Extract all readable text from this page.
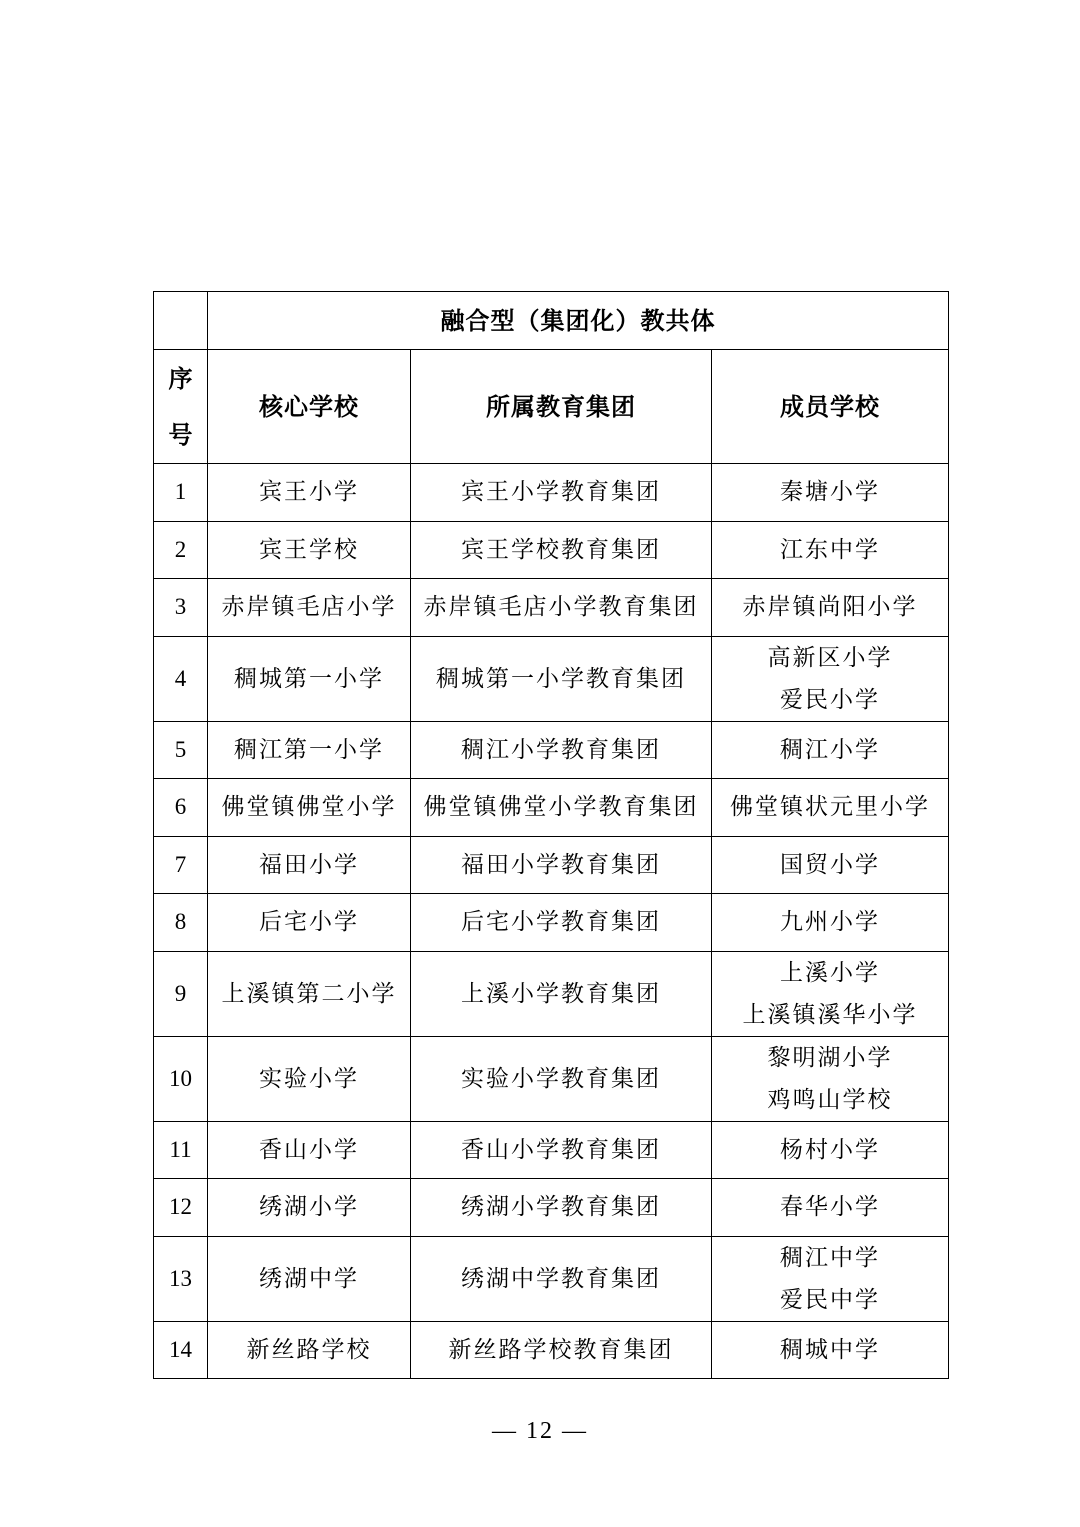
	融合型（集团化）教共体		

序
号	核心学校	所属教育集团	成员学校
1	宾王小学	宾王小学教育集团	秦塘小学

2	宾王学校	宾王学校教育集团	江东中学

3	赤岸镇毛店小学	赤岸镇毛店小学教育集团	赤岸镇尚阳小学

4	稠城第一小学	稠城第一小学教育集团	高新区小学
爱民小学

5	稠江第一小学	稠江小学教育集团	稠江小学

6	佛堂镇佛堂小学	佛堂镇佛堂小学教育集团	佛堂镇状元里小学

7	福田小学	福田小学教育集团	国贸小学

8	后宅小学	后宅小学教育集团	九州小学

9	上溪镇第二小学	上溪小学教育集团	上溪小学
上溪镇溪华小学

10	实验小学	实验小学教育集团	黎明湖小学
鸡鸣山学校

11	香山小学	香山小学教育集团	杨村小学

12	绣湖小学	绣湖小学教育集团	春华小学

13	绣湖中学	绣湖中学教育集团	稠江中学
爱民中学

14	新丝路学校	新丝路学校教育集团	稠城中学
— 12 —
